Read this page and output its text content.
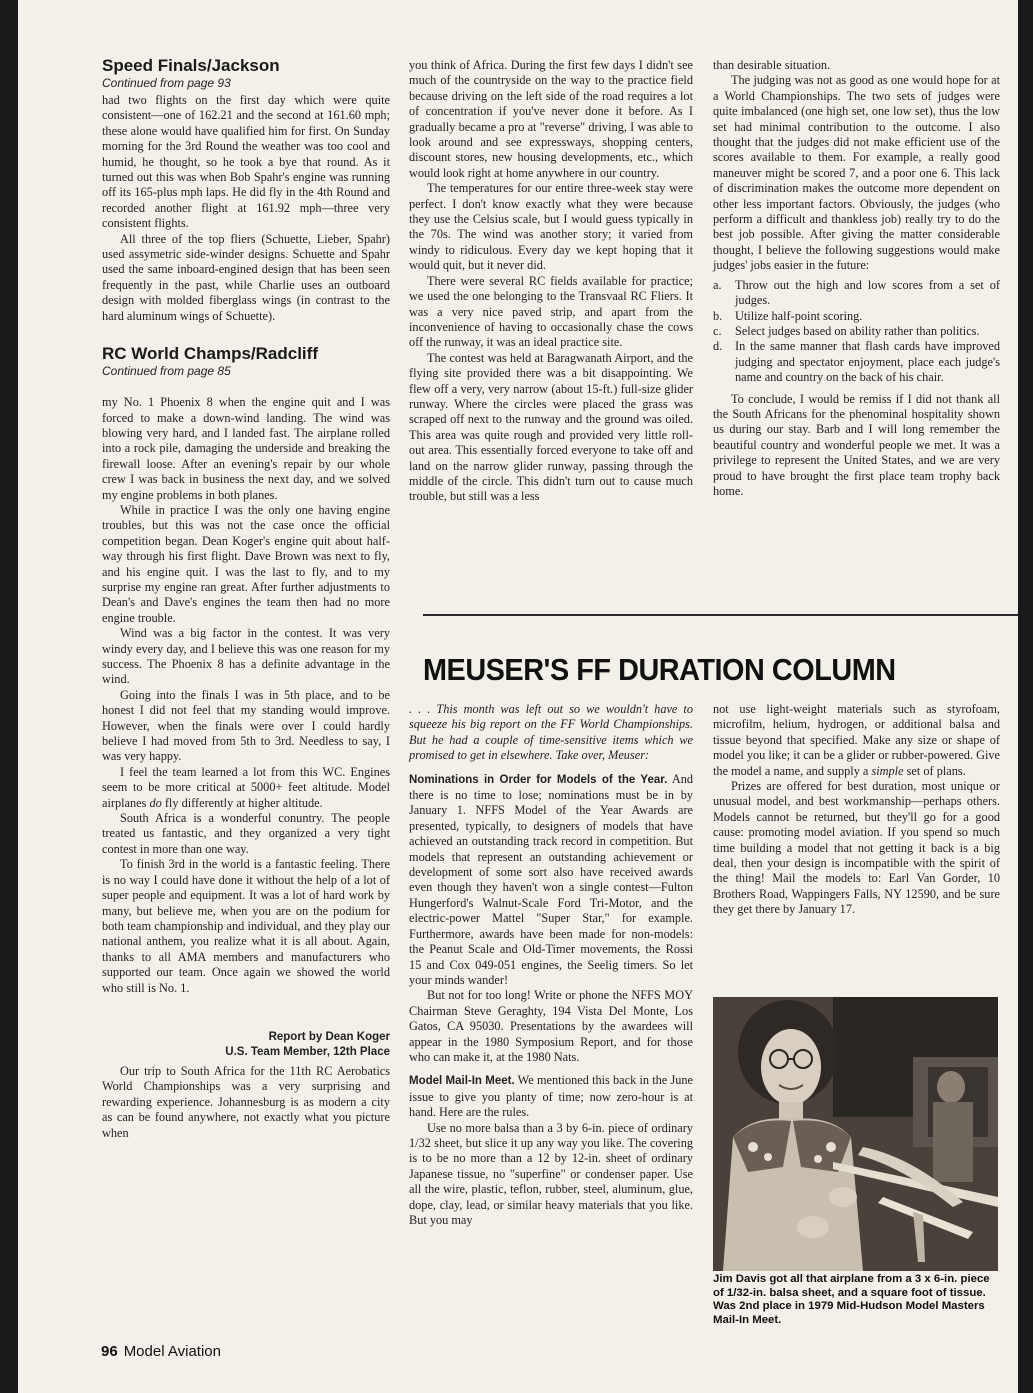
Speed Finals/Jackson
Continued from page 93

had two flights on the first day which were quite consistent—one of 162.21 and the second at 161.60 mph; these alone would have qualified him for first. On Sunday morning for the 3rd Round the weather was too cool and humid, he thought, so he took a bye that round. As it turned out this was when Bob Spahr's engine was running off its 165-plus mph laps. He did fly in the 4th Round and recorded another flight at 161.92 mph—three very consistent flights.

All three of the top fliers (Schuette, Lieber, Spahr) used assymetric side-winder designs. Schuette and Spahr used the same inboard-engined design that has been seen frequently in the past, while Charlie uses an outboard design with molded fiberglass wings (in contrast to the hard aluminum wings of Schuette).

RC World Champs/Radcliff
Continued from page 85

my No. 1 Phoenix 8 when the engine quit and I was forced to make a down-wind landing. The wind was blowing very hard, and I landed fast. The airplane rolled into a rock pile, damaging the underside and breaking the firewall loose. After an evening's repair by our whole crew I was back in business the next day, and we solved my engine problems in both planes.

While in practice I was the only one having engine troubles, but this was not the case once the official competition began. Dean Koger's engine quit about half-way through his first flight. Dave Brown was next to fly, and his engine quit. I was the last to fly, and to my surprise my engine ran great. After further adjustments to Dean's and Dave's engines the team then had no more engine trouble.

Wind was a big factor in the contest. It was very windy every day, and I believe this was one reason for my success. The Phoenix 8 has a definite advantage in the wind.

Going into the finals I was in 5th place, and to be honest I did not feel that my standing would improve. However, when the finals were over I could hardly believe I had moved from 5th to 3rd. Needless to say, I was very happy.

I feel the team learned a lot from this WC. Engines seem to be more critical at 5000+ feet altitude. Model airplanes do fly differently at higher altitude.

South Africa is a wonderful conuntry. The people treated us fantastic, and they organized a very tight contest in more than one way.

To finish 3rd in the world is a fantastic feeling. There is no way I could have done it without the help of a lot of super people and equipment. It was a lot of hard work by many, but believe me, when you are on the podium for both team championship and individual, and they play our national anthem, you realize what it is all about. Again, thanks to all AMA members and manufacturers who supported our team. Once again we showed the world who still is No. 1.

Report by Dean Koger
U.S. Team Member, 12th Place

Our trip to South Africa for the 11th RC Aerobatics World Championships was a very surprising and rewarding experience. Johannesburg is as modern a city as can be found anywhere, not exactly what you picture when

you think of Africa. During the first few days I didn't see much of the countryside on the way to the practice field because driving on the left side of the road requires a lot of concentration if you've never done it before. As I gradually became a pro at "reverse" driving, I was able to look around and see expressways, shopping centers, discount stores, new housing developments, etc., which would look right at home anywhere in our country.

The temperatures for our entire three-week stay were perfect. I don't know exactly what they were because they use the Celsius scale, but I would guess typically in the 70s. The wind was another story; it varied from windy to ridiculous. Every day we kept hoping that it would quit, but it never did.

There were several RC fields available for practice; we used the one belonging to the Transvaal RC Fliers. It was a very nice paved strip, and apart from the inconvenience of having to occasionally chase the cows off the runway, it was an ideal practice site.

The contest was held at Baragwanath Airport, and the flying site provided there was a bit disappointing. We flew off a very, very narrow (about 15-ft.) full-size glider runway. Where the circles were placed the grass was scraped off next to the runway and the ground was oiled. This area was quite rough and provided very little roll-out area. This essentially forced everyone to take off and land on the narrow glider runway, passing through the middle of the circle. This didn't turn out to cause much trouble, but still was a less

than desirable situation.

The judging was not as good as one would hope for at a World Championships. The two sets of judges were quite imbalanced (one high set, one low set), thus the low set had minimal contribution to the outcome. I also thought that the judges did not make efficient use of the scores available to them. For example, a really good maneuver might be scored 7, and a poor one 6. This lack of discrimination makes the outcome more dependent on other less important factors. Obviously, the judges (who perform a difficult and thankless job) really try to do the best job possible. After giving the matter considerable thought, I believe the following suggestions would make judges' jobs easier in the future:

a. Throw out the high and low scores from a set of judges.
b. Utilize half-point scoring.
c. Select judges based on ability rather than politics.
d. In the same manner that flash cards have improved judging and spectator enjoyment, place each judge's name and country on the back of his chair.

To conclude, I would be remiss if I did not thank all the South Africans for the phenominal hospitality shown us during our stay. Barb and I will long remember the beautiful country and wonderful people we met. It was a privilege to represent the United States, and we are very proud to have brought the first place team trophy back home.

MEUSER'S FF DURATION COLUMN

. . . This month was left out so we wouldn't have to squeeze his big report on the FF World Championships. But he had a couple of time-sensitive items which we promised to get in elsewhere. Take over, Meuser:

Nominations in Order for Models of the Year. And there is no time to lose; nominations must be in by January 1. NFFS Model of the Year Awards are presented, typically, to designers of models that have achieved an outstanding track record in competition. But models that represent an outstanding achievement or development of some sort also have received awards even though they haven't won a single contest—Fulton Hungerford's Walnut-Scale Ford Tri-Motor, and the electric-power Mattel "Super Star," for example. Furthermore, awards have been made for non-models: the Peanut Scale and Old-Timer movements, the Rossi 15 and Cox 049-051 engines, the Seelig timers. So let your minds wander!

But not for too long! Write or phone the NFFS MOY Chairman Steve Geraghty, 194 Vista Del Monte, Los Gatos, CA 95030. Presentations by the awardees will appear in the 1980 Symposium Report, and for those who can make it, at the 1980 Nats.

Model Mail-In Meet. We mentioned this back in the June issue to give you planty of time; now zero-hour is at hand. Here are the rules.

Use no more balsa than a 3 by 6-in. piece of ordinary 1/32 sheet, but slice it up any way you like. The covering is to be no more than a 12 by 12-in. sheet of ordinary Japanese tissue, no "superfine" or condenser paper. Use all the wire, plastic, teflon, rubber, steel, aluminum, glue, dope, clay, lead, or similar heavy materials that you like. But you may

not use light-weight materials such as styrofoam, microfilm, helium, hydrogen, or additional balsa and tissue beyond that specified. Make any size or shape of model you like; it can be a glider or rubber-powered. Give the model a name, and supply a simple set of plans.

Prizes are offered for best duration, most unique or unusual model, and best workmanship—perhaps others. Models cannot be returned, but they'll go for a good cause: promoting model aviation. If you spend so much time building a model that not getting it back is a big deal, then your design is incompatible with the spirit of the thing! Mail the models to: Earl Van Gorder, 10 Brothers Road, Wappingers Falls, NY 12590, and be sure they get there by January 17.

Jim Davis got all that airplane from a 3 x 6-in. piece of 1/32-in. balsa sheet, and a square foot of tissue. Was 2nd place in 1979 Mid-Hudson Model Masters Mail-In Meet.
96 Model Aviation
